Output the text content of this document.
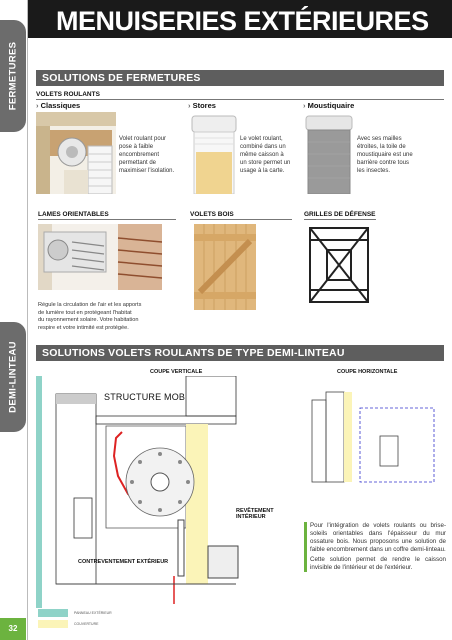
FERMETURES
DEMI-LINTEAU
MENUISERIES EXTÉRIEURES
SOLUTIONS DE FERMETURES
VOLETS ROULANTS
› Classiques	› Stores	› Moustiquaire
Volet roulant pour
pose à faible
encombrement
permettant de
maximiser l'isolation.
Le volet roulant,
combiné dans un
même caisson à
un store permet un
usage à la carte.
Avec ses mailles
étroites, la toile de
moustiquaire est une
barrière contre tous
les insectes.
LAMES ORIENTABLES	VOLETS BOIS	GRILLES DE DÉFENSE
Régule la circulation de l'air et les apports
de lumière tout en protégeant l'habitat
du rayonnement solaire. Votre habitation
respire et votre intimité est protégée.
SOLUTIONS VOLETS ROULANTS DE TYPE DEMI-LINTEAU
COUPE VERTICALE	COUPE HORIZONTALE
STRUCTURE MOB
REVÊTEMENT
INTÉRIEUR
CONTREVENTEMENT EXTÉRIEUR

Pour l'intégration de volets roulants ou brise-soleils orientables dans l'épaisseur du mur ossature bois. Nous proposons une solution de faible encombrement dans un coffre demi-linteau.

Cette solution permet de rendre le caisson invisible de l'intérieur et de l'extérieur.

PANNEAU EXTÉRIEUR
COUVERTURE
32
